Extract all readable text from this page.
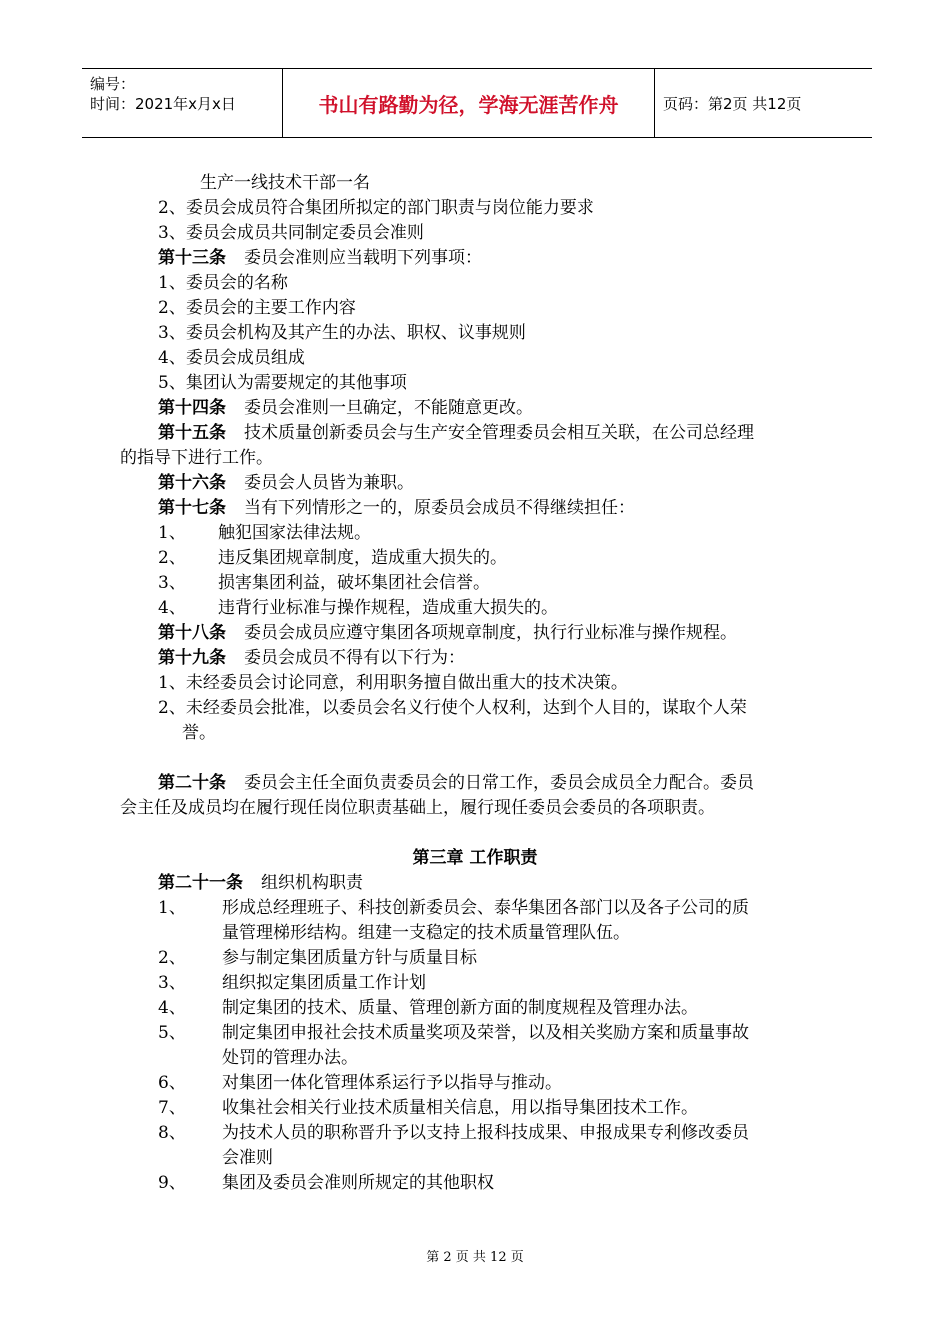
编号：
时间：2021年x月x日	书山有路勤为径，学海无涯苦作舟	页码：第2页 共12页
生产一线技术干部一名
2、委员会成员符合集团所拟定的部门职责与岗位能力要求
3、委员会成员共同制定委员会准则
第十三条 委员会准则应当载明下列事项：
1、委员会的名称
2、委员会的主要工作内容
3、委员会机构及其产生的办法、职权、议事规则
4、委员会成员组成
5、集团认为需要规定的其他事项
第十四条 委员会准则一旦确定，不能随意更改。
第十五条 技术质量创新委员会与生产安全管理委员会相互关联，在公司总经理
的指导下进行工作。
第十六条 委员会人员皆为兼职。
第十七条 当有下列情形之一的，原委员会成员不得继续担任：
1、 触犯国家法律法规。
2、 违反集团规章制度，造成重大损失的。
3、 损害集团利益，破坏集团社会信誉。
4、 违背行业标准与操作规程，造成重大损失的。
第十八条 委员会成员应遵守集团各项规章制度，执行行业标准与操作规程。
第十九条 委员会成员不得有以下行为：
1、未经委员会讨论同意，利用职务擅自做出重大的技术决策。
2、未经委员会批准，以委员会名义行使个人权利，达到个人目的，谋取个人荣
誉。
第二十条 委员会主任全面负责委员会的日常工作，委员会成员全力配合。委员
会主任及成员均在履行现任岗位职责基础上，履行现任委员会委员的各项职责。
第三章 工作职责
第二十一条 组织机构职责
1、 形成总经理班子、科技创新委员会、泰华集团各部门以及各子公司的质
量管理梯形结构。组建一支稳定的技术质量管理队伍。
2、 参与制定集团质量方针与质量目标
3、 组织拟定集团质量工作计划
4、 制定集团的技术、质量、管理创新方面的制度规程及管理办法。
5、 制定集团申报社会技术质量奖项及荣誉，以及相关奖励方案和质量事故
处罚的管理办法。
6、 对集团一体化管理体系运行予以指导与推动。
7、 收集社会相关行业技术质量相关信息，用以指导集团技术工作。
8、 为技术人员的职称晋升予以支持上报科技成果、申报成果专利修改委员
会准则
9、 集团及委员会准则所规定的其他职权
第 2 页 共 12 页
